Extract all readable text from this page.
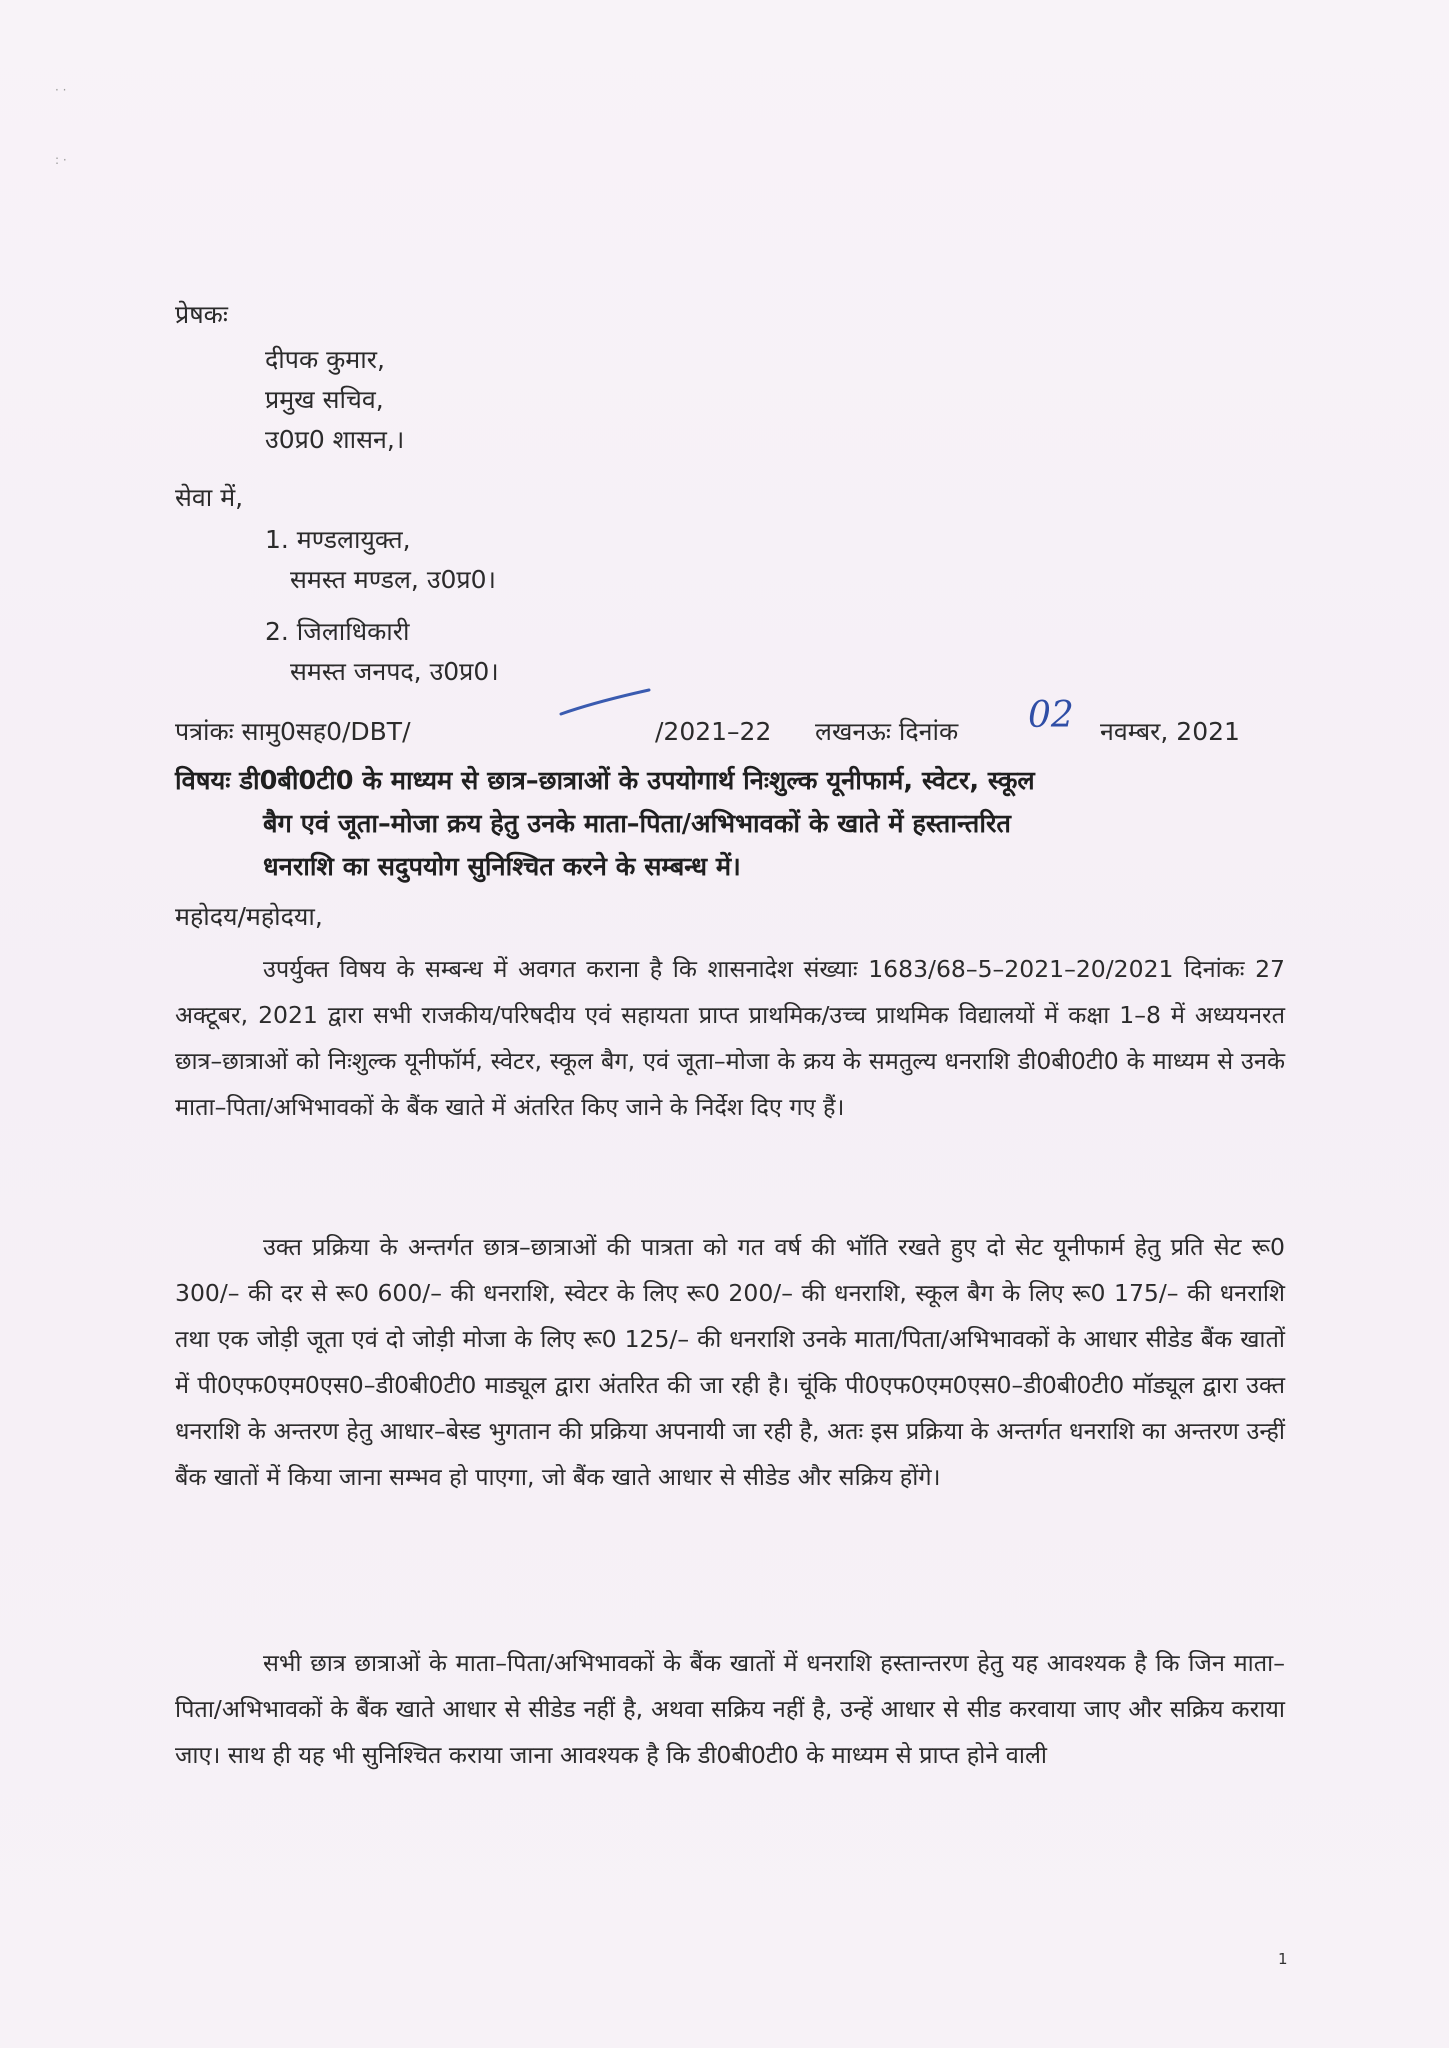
· ·
: ·
प्रेषकः
दीपक कुमार,
प्रमुख सचिव,
उ0प्र0 शासन,।
सेवा में,
1. मण्डलायुक्त,
समस्त मण्डल, उ0प्र0।
2. जिलाधिकारी
समस्त जनपद, उ0प्र0।
पत्रांकः सामु0सह0/DBT/	/2021–22 लखनऊः दिनांक	नवम्बर, 2021
02
विषयः डी0बी0टी0 के माध्यम से छात्र–छात्राओं के उपयोगार्थ निःशुल्क यूनीफार्म, स्वेटर, स्कूल
बैग एवं जूता–मोजा क्रय हेतु उनके माता–पिता/अभिभावकों के खाते में हस्तान्तरित
धनराशि का सदुपयोग सुनिश्चित करने के सम्बन्ध में।
महोदय/महोदया,
उपर्युक्त विषय के सम्बन्ध में अवगत कराना है कि शासनादेश संख्याः 1683/68–5–2021–20/2021 दिनांकः 27 अक्टूबर, 2021 द्वारा सभी राजकीय/परिषदीय एवं सहायता प्राप्त प्राथमिक/उच्च प्राथमिक विद्यालयों में कक्षा 1–8 में अध्ययनरत छात्र–छात्राओं को निःशुल्क यूनीफॉर्म, स्वेटर, स्कूल बैग, एवं जूता–मोजा के क्रय के समतुल्य धनराशि डी0बी0टी0 के माध्यम से उनके माता–पिता/अभिभावकों के बैंक खाते में अंतरित किए जाने के निर्देश दिए गए हैं।
उक्त प्रक्रिया के अन्तर्गत छात्र–छात्राओं की पात्रता को गत वर्ष की भॉति रखते हुए दो सेट यूनीफार्म हेतु प्रति सेट रू0 300/– की दर से रू0 600/– की धनराशि, स्वेटर के लिए रू0 200/– की धनराशि, स्कूल बैग के लिए रू0 175/– की धनराशि तथा एक जोड़ी जूता एवं दो जोड़ी मोजा के लिए रू0 125/– की धनराशि उनके माता/पिता/अभिभावकों के आधार सीडेड बैंक खातों में पी0एफ0एम0एस0–डी0बी0टी0 माड्यूल द्वारा अंतरित की जा रही है। चूंकि पी0एफ0एम0एस0–डी0बी0टी0 मॉड्यूल द्वारा उक्त धनराशि के अन्तरण हेतु आधार–बेस्ड भुगतान की प्रक्रिया अपनायी जा रही है, अतः इस प्रक्रिया के अन्तर्गत धनराशि का अन्तरण उन्हीं बैंक खातों में किया जाना सम्भव हो पाएगा, जो बैंक खाते आधार से सीडेड और सक्रिय होंगे।
सभी छात्र छात्राओं के माता–पिता/अभिभावकों के बैंक खातों में धनराशि हस्तान्तरण हेतु यह आवश्यक है कि जिन माता–पिता/अभिभावकों के बैंक खाते आधार से सीडेड नहीं है, अथवा सक्रिय नहीं है, उन्हें आधार से सीड करवाया जाए और सक्रिय कराया जाए। साथ ही यह भी सुनिश्चित कराया जाना आवश्यक है कि डी0बी0टी0 के माध्यम से प्राप्त होने वाली
1
